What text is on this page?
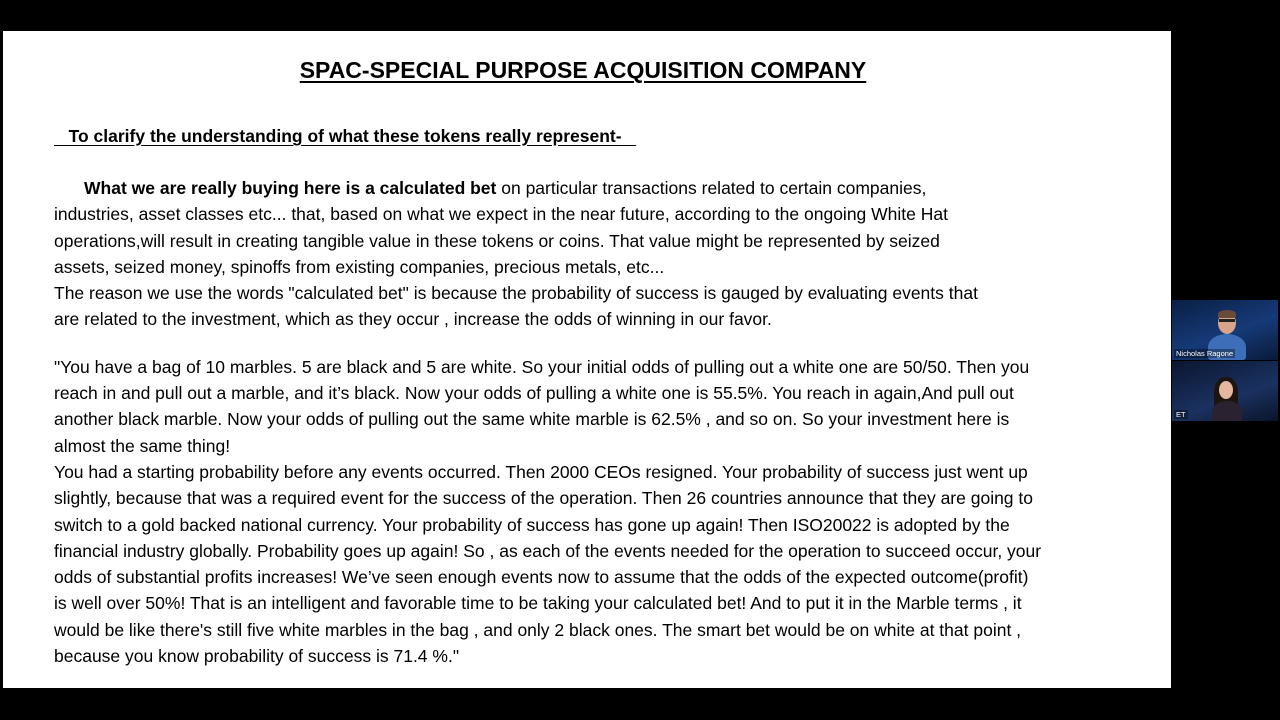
SPAC-SPECIAL PURPOSE ACQUISITION COMPANY
To clarify the understanding of what these tokens really represent-

What we are really buying here is a calculated bet on particular transactions related to certain companies,
industries, asset classes etc... that, based on what we expect in the near future, according to the ongoing White Hat
operations,will result in creating tangible value in these tokens or coins. That value might be represented by seized
assets, seized money, spinoffs from existing companies, precious metals, etc...

The reason we use the words "calculated bet" is because the probability of success is gauged by evaluating events that
are related to the investment, which as they occur , increase the odds of winning in our favor.

"You have a bag of 10 marbles. 5 are black and 5 are white. So your initial odds of pulling out a white one are 50/50. Then you
reach in and pull out a marble, and it’s black. Now your odds of pulling a white one is 55.5%. You reach in again,And pull out
another black marble. Now your odds of pulling out the same white marble is 62.5% , and so on. So your investment here is
almost the same thing!

You had a starting probability before any events occurred. Then 2000 CEOs resigned. Your probability of success just went up
slightly, because that was a required event for the success of the operation. Then 26 countries announce that they are going to
switch to a gold backed national currency. Your probability of success has gone up again! Then ISO20022 is adopted by the
financial industry globally. Probability goes up again! So , as each of the events needed for the operation to succeed occur, your
odds of substantial profits increases! We’ve seen enough events now to assume that the odds of the expected outcome(profit)
is well over 50%! That is an intelligent and favorable time to be taking your calculated bet! And to put it in the Marble terms , it
would be like there's still five white marbles in the bag , and only 2 black ones. The smart bet would be on white at that point ,
because you know probability of success is 71.4 %."

Nicholas Ragone
ET
